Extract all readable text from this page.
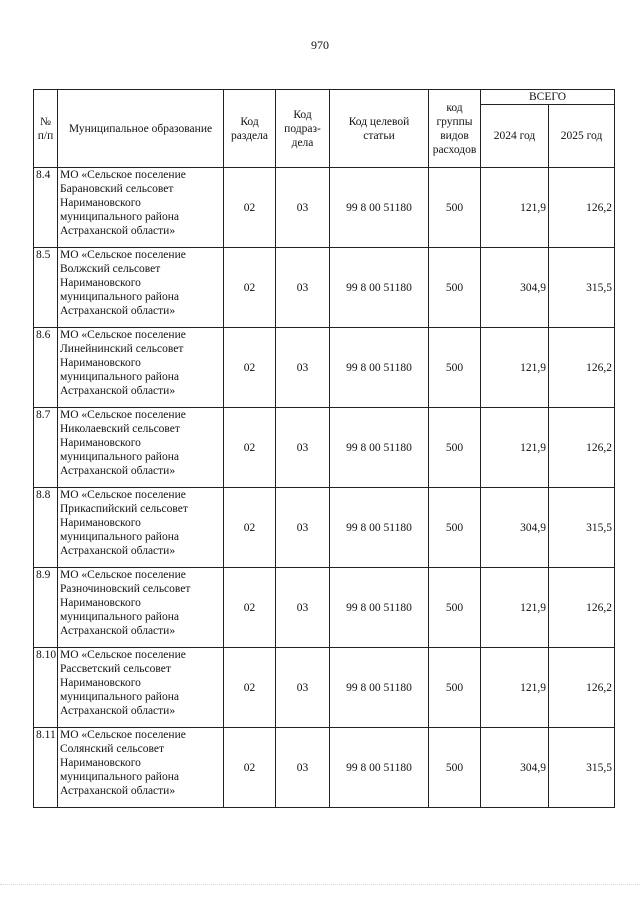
970
№ п/п	Муниципальное образование	Код раздела	Код подраз-дела	Код целевой статьи	код группы видов расходов	ВСЕГО	
						2024 год	2025 год
8.4	МО «Сельское поселение Барановский сельсовет Наримановского муниципального района Астраханской области»	02	03	99 8 00 51180	500	121,9	126,2
8.5	МО «Сельское поселение Волжский сельсовет Наримановского муниципального района Астраханской области»	02	03	99 8 00 51180	500	304,9	315,5
8.6	МО «Сельское поселение Линейнинский сельсовет Наримановского муниципального района Астраханской области»	02	03	99 8 00 51180	500	121,9	126,2
8.7	МО «Сельское поселение Николаевский сельсовет Наримановского муниципального района Астраханской области»	02	03	99 8 00 51180	500	121,9	126,2
8.8	МО «Сельское поселение Прикаспийский сельсовет Наримановского муниципального района Астраханской области»	02	03	99 8 00 51180	500	304,9	315,5
8.9	МО «Сельское поселение Разночиновский сельсовет Наримановского муниципального района Астраханской области»	02	03	99 8 00 51180	500	121,9	126,2
8.10	МО «Сельское поселение Рассветский сельсовет Наримановского муниципального района Астраханской области»	02	03	99 8 00 51180	500	121,9	126,2
8.11	МО «Сельское поселение Солянский сельсовет Наримановского муниципального района Астраханской области»	02	03	99 8 00 51180	500	304,9	315,5
